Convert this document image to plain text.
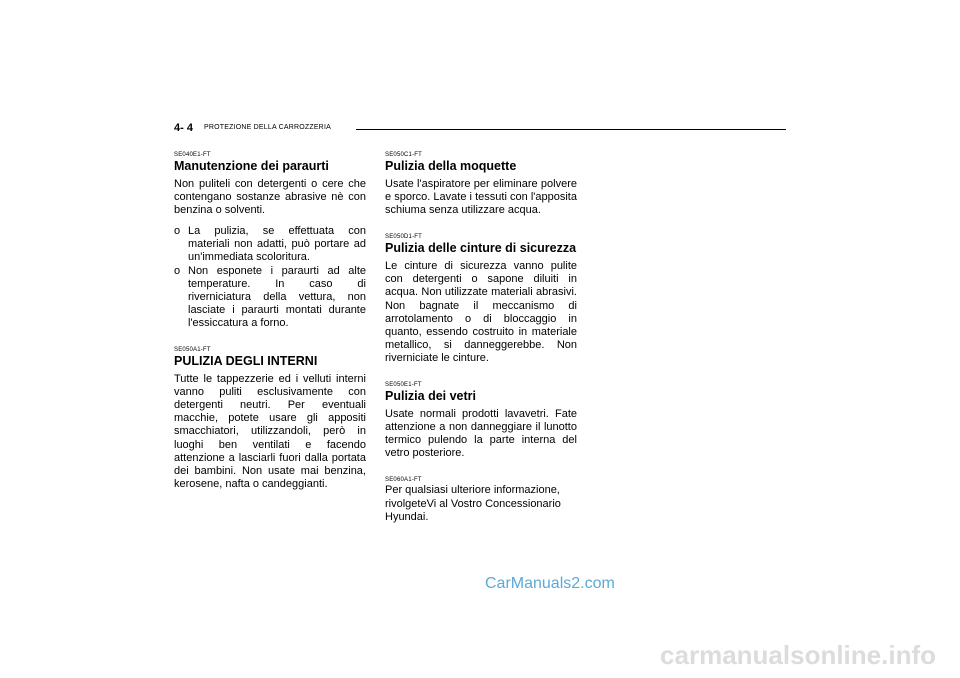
4- 4 PROTEZIONE DELLA CARROZZERIA
SE040E1-FT
Manutenzione dei paraurti

Non puliteli con detergenti o cere che contengano sostanze abrasive nè con benzina o solventi.

o La pulizia, se effettuata con materiali non adatti, può portare ad un'immediata scoloritura.
o Non esponete i paraurti ad alte temperature. In caso di riverniciatura della vettura, non lasciate i paraurti montati durante l'essiccatura a forno.
SE050A1-FT
PULIZIA DEGLI INTERNI

Tutte le tappezzerie ed i velluti interni vanno puliti esclusivamente con detergenti neutri. Per eventuali macchie, potete usare gli appositi smacchiatori, utilizzandoli, però in luoghi ben ventilati e facendo attenzione a lasciarli fuori dalla portata dei bambini. Non usate mai benzina, kerosene, nafta o candeggianti.

SE050C1-FT
Pulizia della moquette

Usate l'aspiratore per eliminare polvere e sporco. Lavate i tessuti con l'apposita schiuma senza utilizzare acqua.

SE050D1-FT
Pulizia delle cinture di sicurezza

Le cinture di sicurezza vanno pulite con detergenti o sapone diluiti in acqua. Non utilizzate materiali abrasivi. Non bagnate il meccanismo di arrotolamento o di bloccaggio in quanto, essendo costruito in materiale metallico, si danneggerebbe. Non riverniciate le cinture.

SE050E1-FT
Pulizia dei vetri

Usate normali prodotti lavavetri. Fate attenzione a non danneggiare il lunotto termico pulendo la parte interna del vetro posteriore.

SE060A1-FT

Per qualsiasi ulteriore informazione, rivolgeteVi al Vostro Concessionario Hyundai.

CarManuals2.com
carmanualsonline.info
